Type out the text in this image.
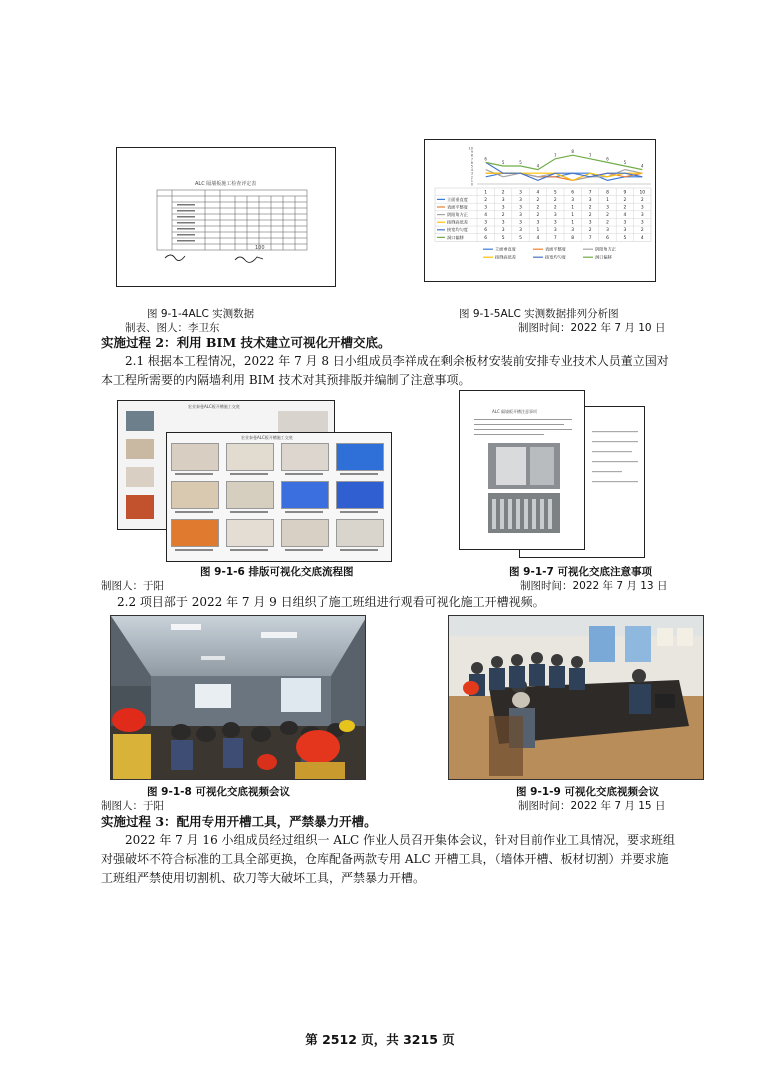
ALC 隔墙板施工检查评定表
100
图 9-1-4ALC 实测数据
制表、图人：李卫东
0
1
2
3
4
5
6
7
8
9
10
6
5	5
4
7
8
7
6
5
4
1	2	3	4	5	6	7	8	9	10
立面垂直度	2	3	3	2	2	3	3	1	2	2
表面平整度	3	3	3	2	2	1	2	3	2	3
阴阳角方正	4	2	3	2	3	1	2	2	4	3
接缝高低差	3	3	3	3	3	1	3	2	3	3
接宽均匀度	6	3	3	1	3	3	2	3	3	2
洞口偏移	6	5	5	4	7	8	7	6	5	4
立面垂直度	表面平整度	阴阳角方正
接缝高低差	接宽均匀度	洞口偏移
图 9-1-5ALC 实测数据排列分析图
制图时间：2022 年 7 月 10 日
实施过程 2：利用 BIM 技术建立可视化开槽交底。
2.1 根据本工程情况，2022 年 7 月 8 日小组成员李祥成在剩余板材安装前安排专业技术人员董立国对本工程所需要的内隔墙利用 BIM 技术对其预排版并编制了注意事项。
宏业泰曼ALC板开槽施工交底
宏业泰曼ALC板开槽施工交底
图 9-1-6 排版可视化交底流程图
制图人：于阳
ALC 隔墙板开槽注意事项
图 9-1-7 可视化交底注意事项
制图时间：2022 年 7 月 13 日
2.2 项目部于 2022 年 7 月 9 日组织了施工班组进行观看可视化施工开槽视频。
图 9-1-8 可视化交底视频会议
制图人：于阳
图 9-1-9 可视化交底视频会议
制图时间：2022 年 7 月 15 日
实施过程 3：配用专用开槽工具，严禁暴力开槽。
2022 年 7 月 16 小组成员经过组织一 ALC 作业人员召开集体会议，针对目前作业工具情况，要求班组对强破坏不符合标准的工具全部更换，仓库配备两款专用 ALC 开槽工具，（墙体开槽、板材切割）并要求施工班组严禁使用切割机、砍刀等大破坏工具，严禁暴力开槽。
第 2512 页，共 3215 页
